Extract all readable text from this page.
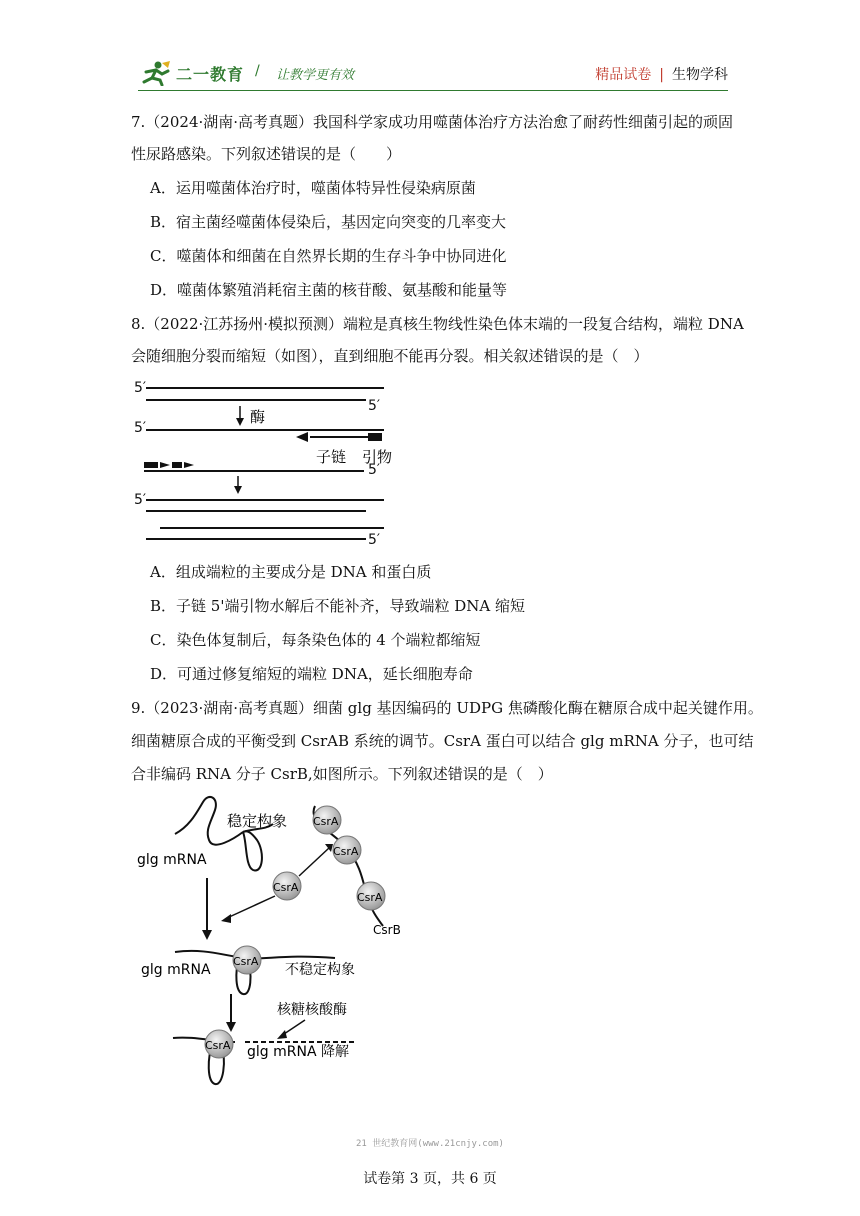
二一教育 / 让教学更有效	精品试卷 | 生物学科
7.（2024·湖南·高考真题）我国科学家成功用噬菌体治疗方法治愈了耐药性细菌引起的顽固
性尿路感染。下列叙述错误的是（　　）
A．运用噬菌体治疗时，噬菌体特异性侵染病原菌
B．宿主菌经噬菌体侵染后，基因定向突变的几率变大
C．噬菌体和细菌在自然界长期的生存斗争中协同进化
D．噬菌体繁殖消耗宿主菌的核苷酸、氨基酸和能量等
8.（2022·江苏扬州·模拟预测）端粒是真核生物线性染色体末端的一段复合结构，端粒 DNA
会随细胞分裂而缩短（如图），直到细胞不能再分裂。相关叙述错误的是（　）
5′
5′
5′
5′
5′
5′
酶
子链 引物
A．组成端粒的主要成分是 DNA 和蛋白质
B．子链 5'端引物水解后不能补齐，导致端粒 DNA 缩短
C．染色体复制后，每条染色体的 4 个端粒都缩短
D．可通过修复缩短的端粒 DNA，延长细胞寿命
9.（2023·湖南·高考真题）细菌 glg 基因编码的 UDPG 焦磷酸化酶在糖原合成中起关键作用。
细菌糖原合成的平衡受到 CsrAB 系统的调节。CsrA 蛋白可以结合 glg mRNA 分子，也可结
合非编码 RNA 分子 CsrB,如图所示。下列叙述错误的是（　）
稳定构象
glg mRNA
CsrA
CsrA
CsrA
CsrB
CsrA
CsrA
glg mRNA	不稳定构象
核糖核酸酶
CsrA glg mRNA 降解
21 世纪教育网(www.21cnjy.com)
试卷第 3 页，共 6 页
